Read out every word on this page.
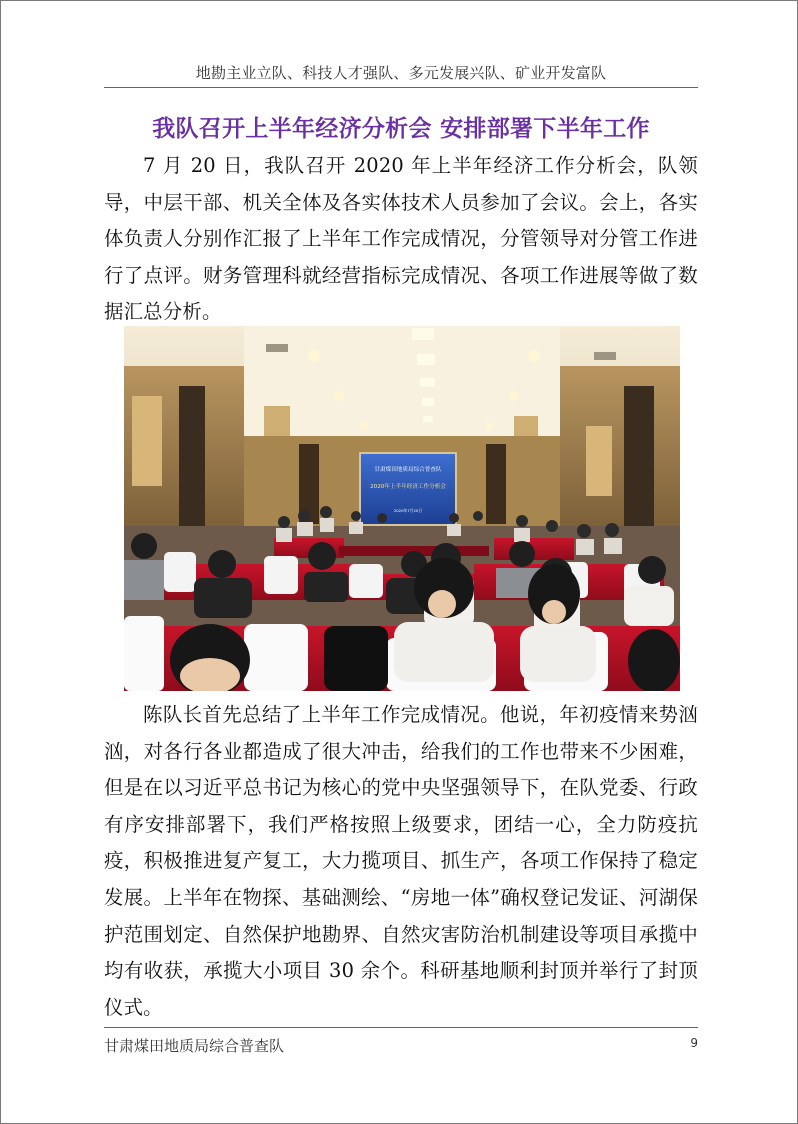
地勘主业立队、科技人才强队、多元发展兴队、矿业开发富队
我队召开上半年经济分析会 安排部署下半年工作

7 月 20 日，我队召开 2020 年上半年经济工作分析会，队领导，中层干部、机关全体及各实体技术人员参加了会议。会上，各实体负责人分别作汇报了上半年工作完成情况，分管领导对分管工作进行了点评。财务管理科就经营指标完成情况、各项工作进展等做了数据汇总分析。

甘肃煤田地质局综合普查队
2020年上半年经济工作分析会
2020年7月20日

陈队长首先总结了上半年工作完成情况。他说，年初疫情来势汹汹，对各行各业都造成了很大冲击，给我们的工作也带来不少困难，但是在以习近平总书记为核心的党中央坚强领导下，在队党委、行政有序安排部署下，我们严格按照上级要求，团结一心，全力防疫抗疫，积极推进复产复工，大力揽项目、抓生产，各项工作保持了稳定发展。上半年在物探、基础测绘、“房地一体”确权登记发证、河湖保护范围划定、自然保护地勘界、自然灾害防治机制建设等项目承揽中均有收获，承揽大小项目 30 余个。科研基地顺利封顶并举行了封顶仪式。

甘肃煤田地质局综合普查队	9
